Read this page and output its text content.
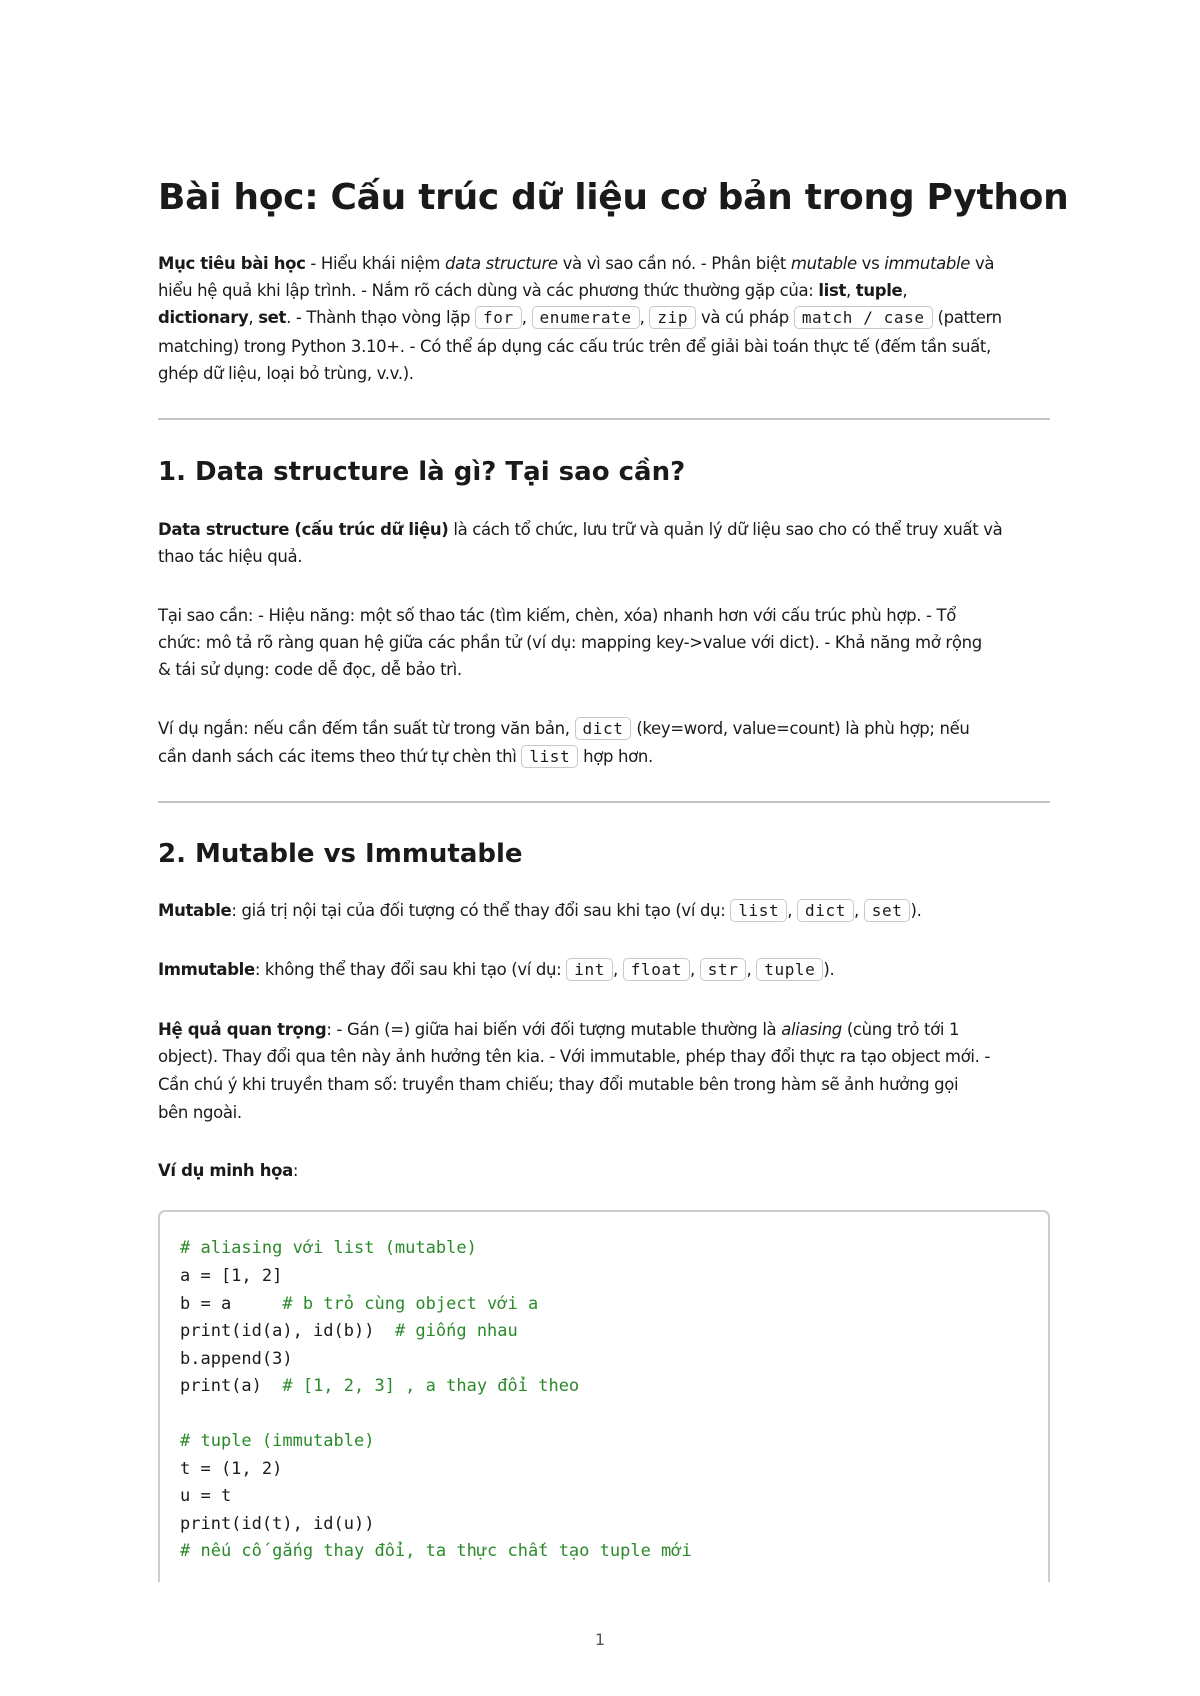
Bài học: Cấu trúc dữ liệu cơ bản trong Python

Mục tiêu bài học - Hiểu khái niệm data structure và vì sao cần nó. - Phân biệt mutable vs immutable và

hiểu hệ quả khi lập trình. - Nắm rõ cách dùng và các phương thức thường gặp của: list, tuple,

dictionary, set. - Thành thạo vòng lặp for , enumerate , zip và cú pháp match / case (pattern

matching) trong Python 3.10+. - Có thể áp dụng các cấu trúc trên để giải bài toán thực tế (đếm tần suất,

ghép dữ liệu, loại bỏ trùng, v.v.).

1. Data structure là gì? Tại sao cần?

Data structure (cấu trúc dữ liệu) là cách tổ chức, lưu trữ và quản lý dữ liệu sao cho có thể truy xuất và

thao tác hiệu quả.

Tại sao cần: - Hiệu năng: một số thao tác (tìm kiếm, chèn, xóa) nhanh hơn với cấu trúc phù hợp. - Tổ

chức: mô tả rõ ràng quan hệ giữa các phần tử (ví dụ: mapping key->value với dict). - Khả năng mở rộng

& tái sử dụng: code dễ đọc, dễ bảo trì.

Ví dụ ngắn: nếu cần đếm tần suất từ trong văn bản, dict (key=word, value=count) là phù hợp; nếu

cần danh sách các items theo thứ tự chèn thì list hợp hơn.

2. Mutable vs Immutable

Mutable: giá trị nội tại của đối tượng có thể thay đổi sau khi tạo (ví dụ: list , dict , set ).

Immutable: không thể thay đổi sau khi tạo (ví dụ: int , float , str , tuple ).

Hệ quả quan trọng: - Gán (=) giữa hai biến với đối tượng mutable thường là aliasing (cùng trỏ tới 1

object). Thay đổi qua tên này ảnh hưởng tên kia. - Với immutable, phép thay đổi thực ra tạo object mới. -

Cần chú ý khi truyền tham số: truyền tham chiếu; thay đổi mutable bên trong hàm sẽ ảnh hưởng gọi

bên ngoài.

Ví dụ minh họa:

# aliasing với list (mutable)
a = [1, 2]
b = a     # b trỏ cùng object với a
print(id(a), id(b))  # giống nhau
b.append(3)
print(a)  # [1, 2, 3] , a thay đổi theo
# tuple (immutable)
t = (1, 2)
u = t
print(id(t), id(u))
# nếu cố gắng thay đổi, ta thực chất tạo tuple mới
1
